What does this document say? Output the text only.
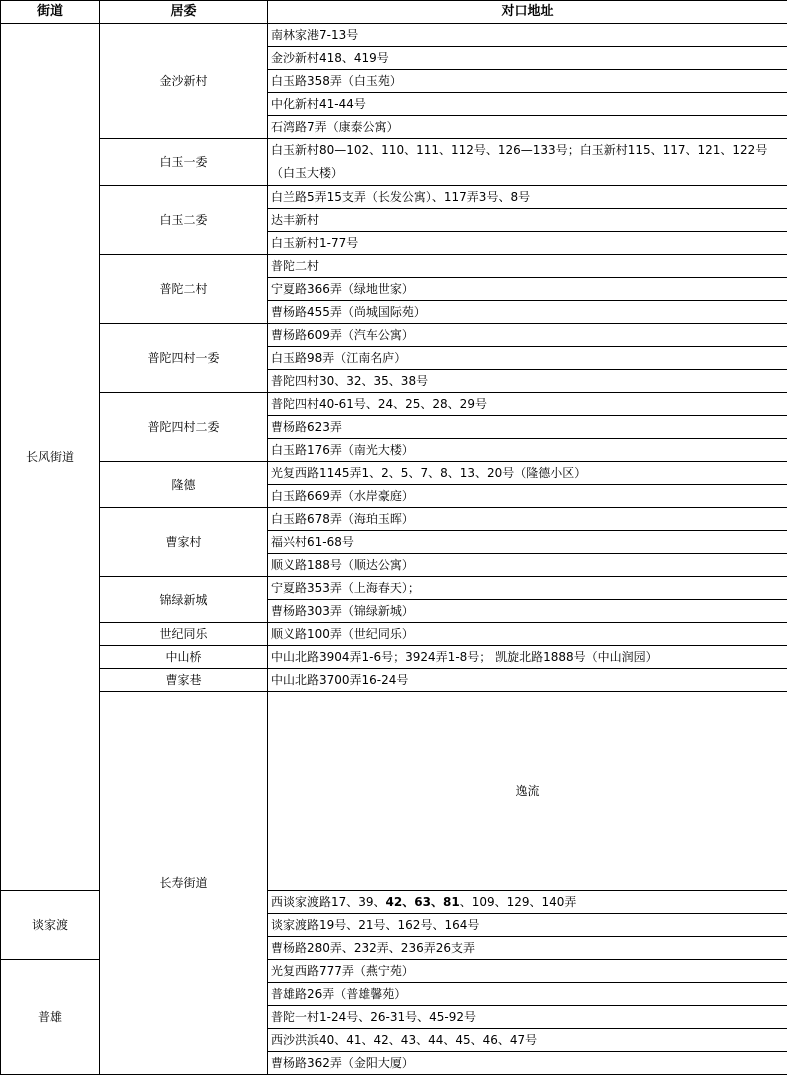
街道	居委	对口地址	
长风街道	金沙新村	南林家港7-13号	
		金沙新村418、419号	
		白玉路358弄（白玉苑）	
		中化新村41-44号	
		石湾路7弄（康泰公寓）	
	白玉一委	白玉新村80—102、110、111、112号、126—133号；白玉新村115、117、121、122号（白玉大楼）	
	白玉二委	白兰路5弄15支弄（长发公寓）、117弄3号、8号	
		达丰新村	
		白玉新村1-77号	
	普陀二村	普陀二村	
		宁夏路366弄（绿地世家）	
		曹杨路455弄（尚城国际苑）	
	普陀四村一委	曹杨路609弄（汽车公寓）	
		白玉路98弄（江南名庐）	
		普陀四村30、32、35、38号	
	普陀四村二委	普陀四村40-61号、24、25、28、29号	
		曹杨路623弄	
		白玉路176弄（南光大楼）	
	隆德	光复西路1145弄1、2、5、7、8、13、20号（隆德小区）	
		白玉路669弄（水岸豪庭）	
	曹家村	白玉路678弄（海珀玉晖）	
		福兴村61-68号	
		顺义路188号（顺达公寓）	
	锦绿新城	宁夏路353弄（上海春天）；	
		曹杨路303弄（锦绿新城）	
	世纪同乐	顺义路100弄（世纪同乐）	
	中山桥	中山北路3904弄1-6号；3924弄1-8号； 凯旋北路1888号（中山润园）	
	曹家巷	中山北路3700弄16-24号	
	长寿街道	逸流	
谈家渡		西谈家渡路17、39、42、63、81、109、129、140弄	
		谈家渡路19号、21号、162号、164号	
		曹杨路280弄、232弄、236弄26支弄	
普雄		光复西路777弄（燕宁苑）	
		普雄路26弄（普雄馨苑）	
		普陀一村1-24号、26-31号、45-92号	
		西沙洪浜40、41、42、43、44、45、46、47号	
		曹杨路362弄（金阳大厦）	
